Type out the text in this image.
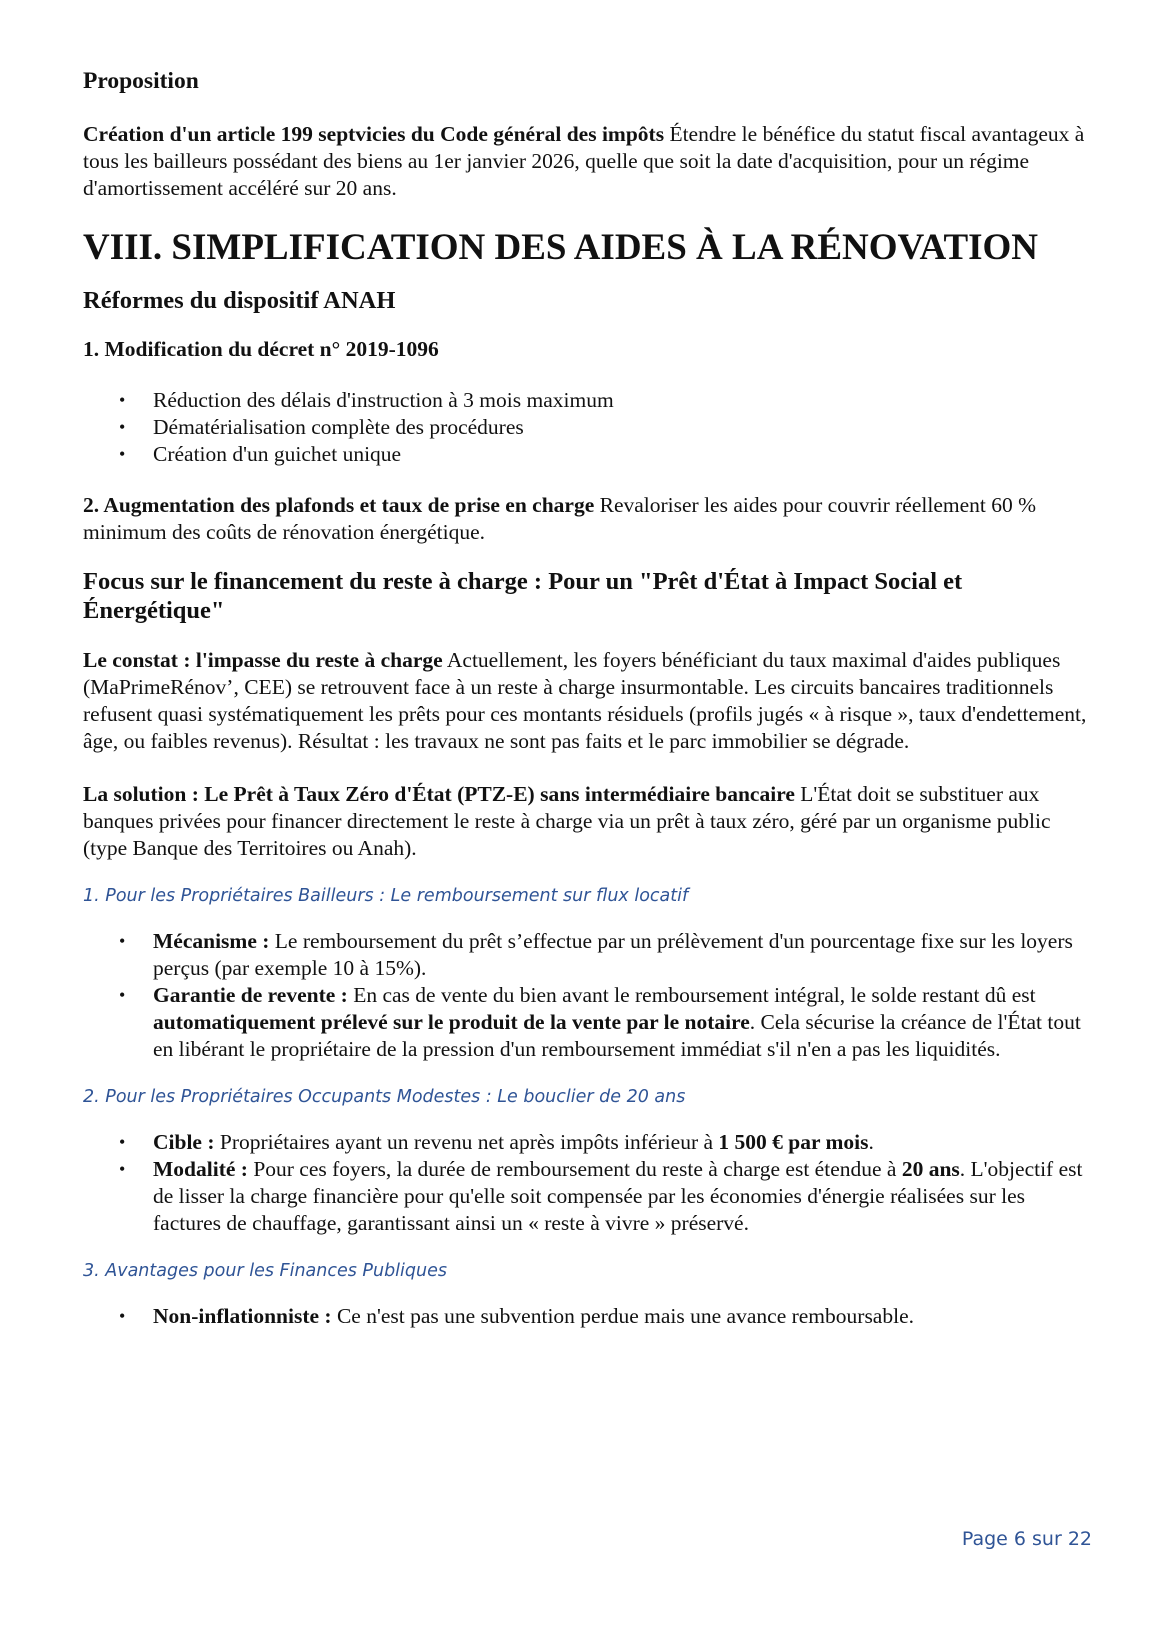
Proposition

Création d'un article 199 septvicies du Code général des impôts Étendre le bénéfice du statut fiscal avantageux à tous les bailleurs possédant des biens au 1er janvier 2026, quelle que soit la date d'acquisition, pour un régime d'amortissement accéléré sur 20 ans.

VIII. SIMPLIFICATION DES AIDES À LA RÉNOVATION

Réformes du dispositif ANAH

1. Modification du décret n° 2019-1096

• Réduction des délais d'instruction à 3 mois maximum
• Dématérialisation complète des procédures
• Création d'un guichet unique

2. Augmentation des plafonds et taux de prise en charge Revaloriser les aides pour couvrir réellement 60 % minimum des coûts de rénovation énergétique.

Focus sur le financement du reste à charge : Pour un "Prêt d'État à Impact Social et Énergétique"

Le constat : l'impasse du reste à charge Actuellement, les foyers bénéficiant du taux maximal d'aides publiques (MaPrimeRénov’, CEE) se retrouvent face à un reste à charge insurmontable. Les circuits bancaires traditionnels refusent quasi systématiquement les prêts pour ces montants résiduels (profils jugés « à risque », taux d'endettement, âge, ou faibles revenus). Résultat : les travaux ne sont pas faits et le parc immobilier se dégrade.

La solution : Le Prêt à Taux Zéro d'État (PTZ-E) sans intermédiaire bancaire L'État doit se substituer aux banques privées pour financer directement le reste à charge via un prêt à taux zéro, géré par un organisme public (type Banque des Territoires ou Anah).

1. Pour les Propriétaires Bailleurs : Le remboursement sur flux locatif

• Mécanisme : Le remboursement du prêt s’effectue par un prélèvement d'un pourcentage fixe sur les loyers perçus (par exemple 10 à 15%).
• Garantie de revente : En cas de vente du bien avant le remboursement intégral, le solde restant dû est automatiquement prélevé sur le produit de la vente par le notaire. Cela sécurise la créance de l'État tout en libérant le propriétaire de la pression d'un remboursement immédiat s'il n'en a pas les liquidités.

2. Pour les Propriétaires Occupants Modestes : Le bouclier de 20 ans

• Cible : Propriétaires ayant un revenu net après impôts inférieur à 1 500 € par mois.
• Modalité : Pour ces foyers, la durée de remboursement du reste à charge est étendue à 20 ans. L'objectif est de lisser la charge financière pour qu'elle soit compensée par les économies d'énergie réalisées sur les factures de chauffage, garantissant ainsi un « reste à vivre » préservé.

3. Avantages pour les Finances Publiques

• Non-inflationniste : Ce n'est pas une subvention perdue mais une avance remboursable.
Page 6 sur 22
